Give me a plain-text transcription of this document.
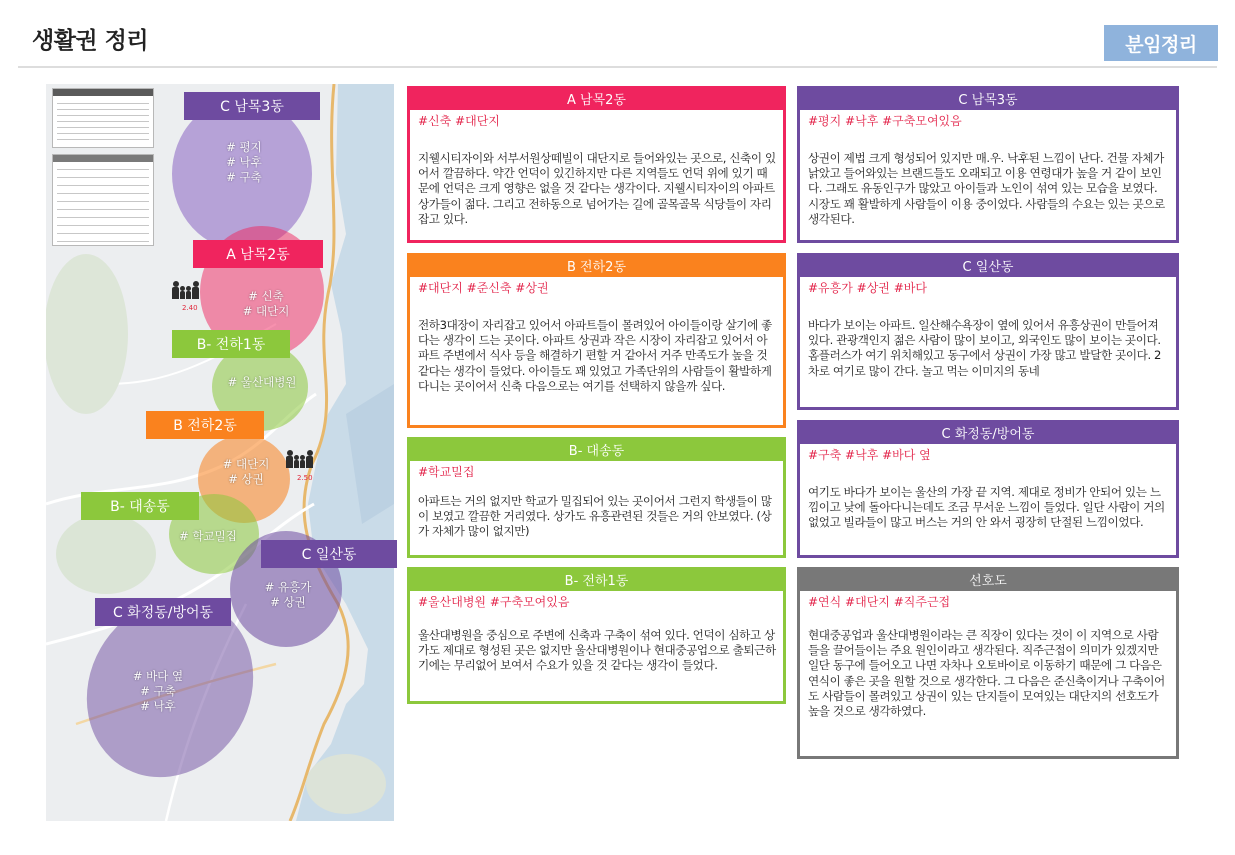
생활권 정리	분임정리
# 평지
# 낙후
# 구축
# 신축
# 대단지
# 울산대병원
# 대단지
# 상권
# 학교밀집
# 유흥가
# 상권
# 바다 옆
# 구축
# 낙후
2.40
2.50
C 남목3동
A 남목2동
B- 전하1동
B 전하2동
B- 대송동
C 일산동
C 화정동/방어동
A 남목2동
#신축 #대단지
지웰시티자이와 서부서원상떼빌이 대단지로 들어와있는 곳으로, 신축이 있어서 깔끔하다. 약간 언덕이 있긴하지만 다른 지역들도 언덕 위에 있기 때문에 언덕은 크게 영향은 없을 것 같다는 생각이다. 지웰시티자이의 아파트 상가들이 젊다. 그리고 전하동으로 넘어가는 길에 골목골목 식당들이 자리잡고 있다.
B 전하2동
#대단지 #준신축 #상권
전하3대장이 자리잡고 있어서 아파트들이 몰려있어 아이들이랑 살기에 좋다는 생각이 드는 곳이다. 아파트 상권과 작은 시장이 자리잡고 있어서 아파트 주변에서 식사 등을 해결하기 편할 거 같아서 거주 만족도가 높을 것 같다는 생각이 들었다. 아이들도 꽤 있었고 가족단위의 사람들이 활발하게 다니는 곳이어서 신축 다음으로는 여기를 선택하지 않을까 싶다.
B- 대송동
#학교밀집
아파트는 거의 없지만 학교가 밀집되어 있는 곳이어서 그런지 학생들이 많이 보였고 깔끔한 거리였다. 상가도 유흥관련된 것들은 거의 안보였다. (상가 자체가 많이 없지만)
B- 전하1동
#울산대병원 #구축모여있음
울산대병원을 중심으로 주변에 신축과 구축이 섞여 있다. 언덕이 심하고 상가도 제대로 형성된 곳은 없지만 울산대병원이나 현대중공업으로 출퇴근하기에는 무리없어 보여서 수요가 있을 것 같다는 생각이 들었다.
C 남목3동
#평지 #낙후 #구축모여있음
상권이 제법 크게 형성되어 있지만 매.우. 낙후된 느낌이 난다. 건물 자체가 낡았고 들어와있는 브랜드들도 오래되고 이용 연령대가 높을 거 같이 보인다. 그래도 유동인구가 많았고 아이들과 노인이 섞여 있는 모습을 보였다. 시장도 꽤 활발하게 사람들이 이용 중이었다. 사람들의 수요는 있는 곳으로 생각된다.
C 일산동
#유흥가 #상권 #바다
바다가 보이는 아파트. 일산해수욕장이 옆에 있어서 유흥상권이 만들어져있다. 관광객인지 젊은 사람이 많이 보이고, 외국인도 많이 보이는 곳이다. 홈플러스가 여기 위치해있고 동구에서 상권이 가장 많고 발달한 곳이다. 2차로 여기로 많이 간다. 놀고 먹는 이미지의 동네
C 화정동/방어동
#구축 #낙후 #바다 옆
여기도 바다가 보이는 울산의 가장 끝 지역. 제대로 정비가 안되어 있는 느낌이고 낮에 돌아다니는데도 조금 무서운 느낌이 들었다. 일단 사람이 거의 없었고 빌라들이 많고 버스는 거의 안 와서 굉장히 단절된 느낌이었다.
선호도
#연식 #대단지 #직주근접
현대중공업과 울산대병원이라는 큰 직장이 있다는 것이 이 지역으로 사람들을 끌어들이는 주요 원인이라고 생각된다. 직주근접이 의미가 있겠지만 일단 동구에 들어오고 나면 자차나 오토바이로 이동하기 때문에 그 다음은 연식이 좋은 곳을 원할 것으로 생각한다. 그 다음은 준신축이거나 구축이어도 사람들이 몰려있고 상권이 있는 단지들이 모여있는 대단지의 선호도가 높을 것으로 생각하였다.
